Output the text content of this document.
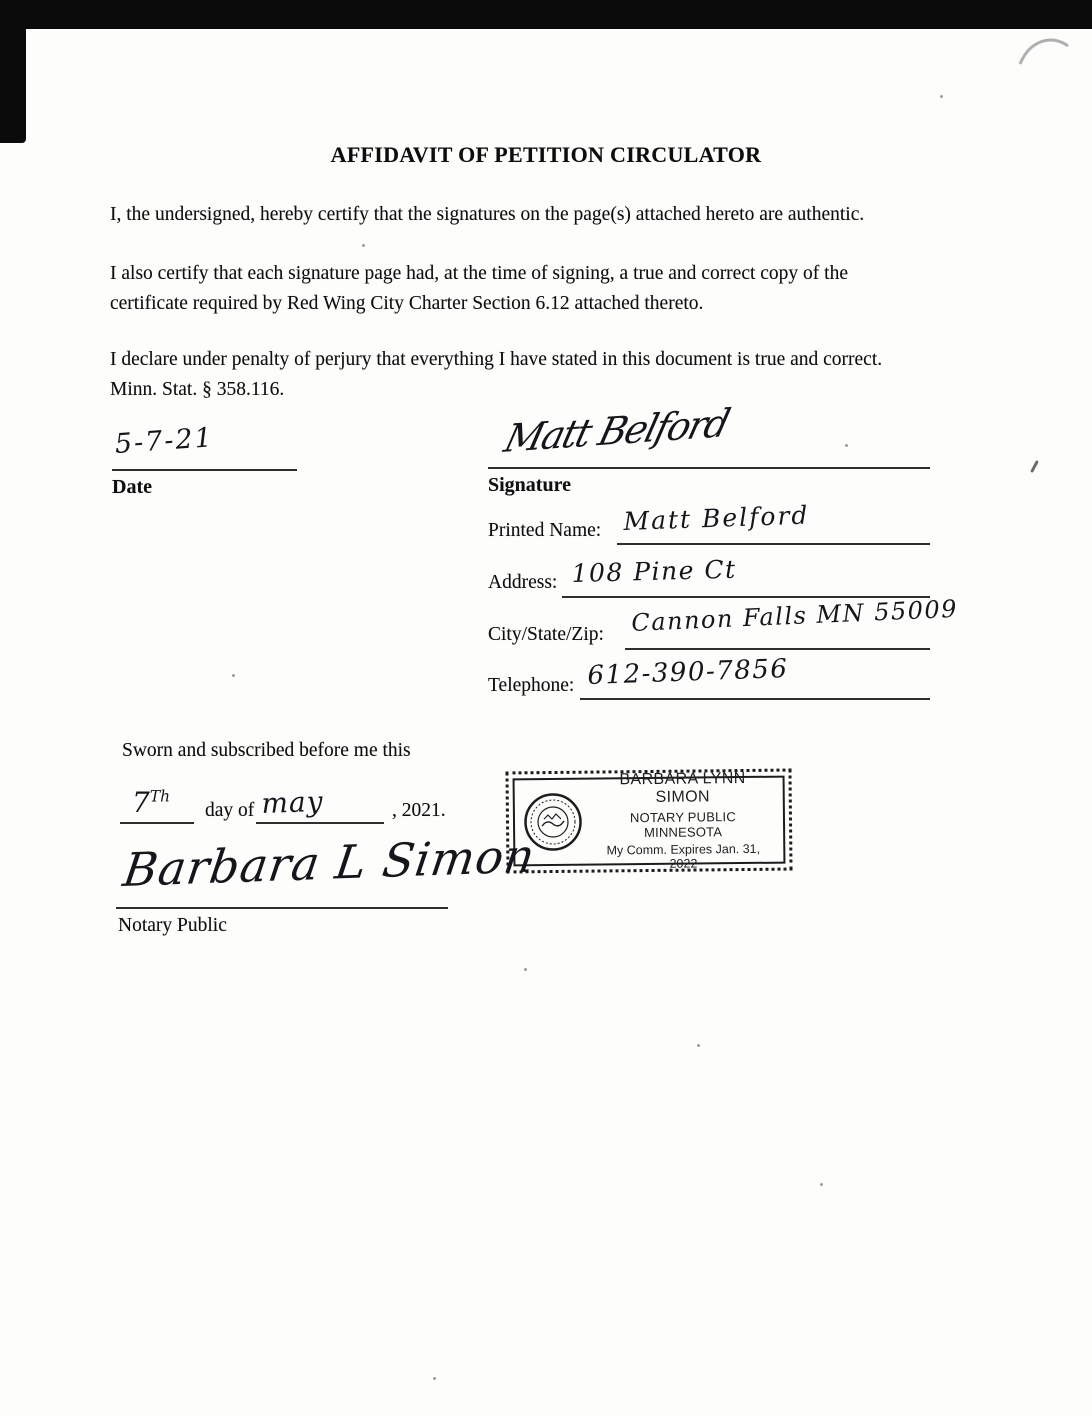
AFFIDAVIT OF PETITION CIRCULATOR
I, the undersigned, hereby certify that the signatures on the page(s) attached hereto are authentic.
I also certify that each signature page had, at the time of signing, a true and correct copy of the
certificate required by Red Wing City Charter Section 6.12 attached thereto.
I declare under penalty of perjury that everything I have stated in this document is true and correct.
Minn. Stat. § 358.116.
5-7-21
Date
Matt Belford
Signature
Printed Name: Matt Belford
Address: 108 Pine Ct
City/State/Zip: Cannon Falls MN 55009
Telephone: 612-390-7856
Sworn and subscribed before me this
7Th
day of may	, 2021.
BARBARA LYNN SIMON
NOTARY PUBLIC MINNESOTA
My Comm. Expires Jan. 31, 2022
Barbara L Simon
Notary Public
